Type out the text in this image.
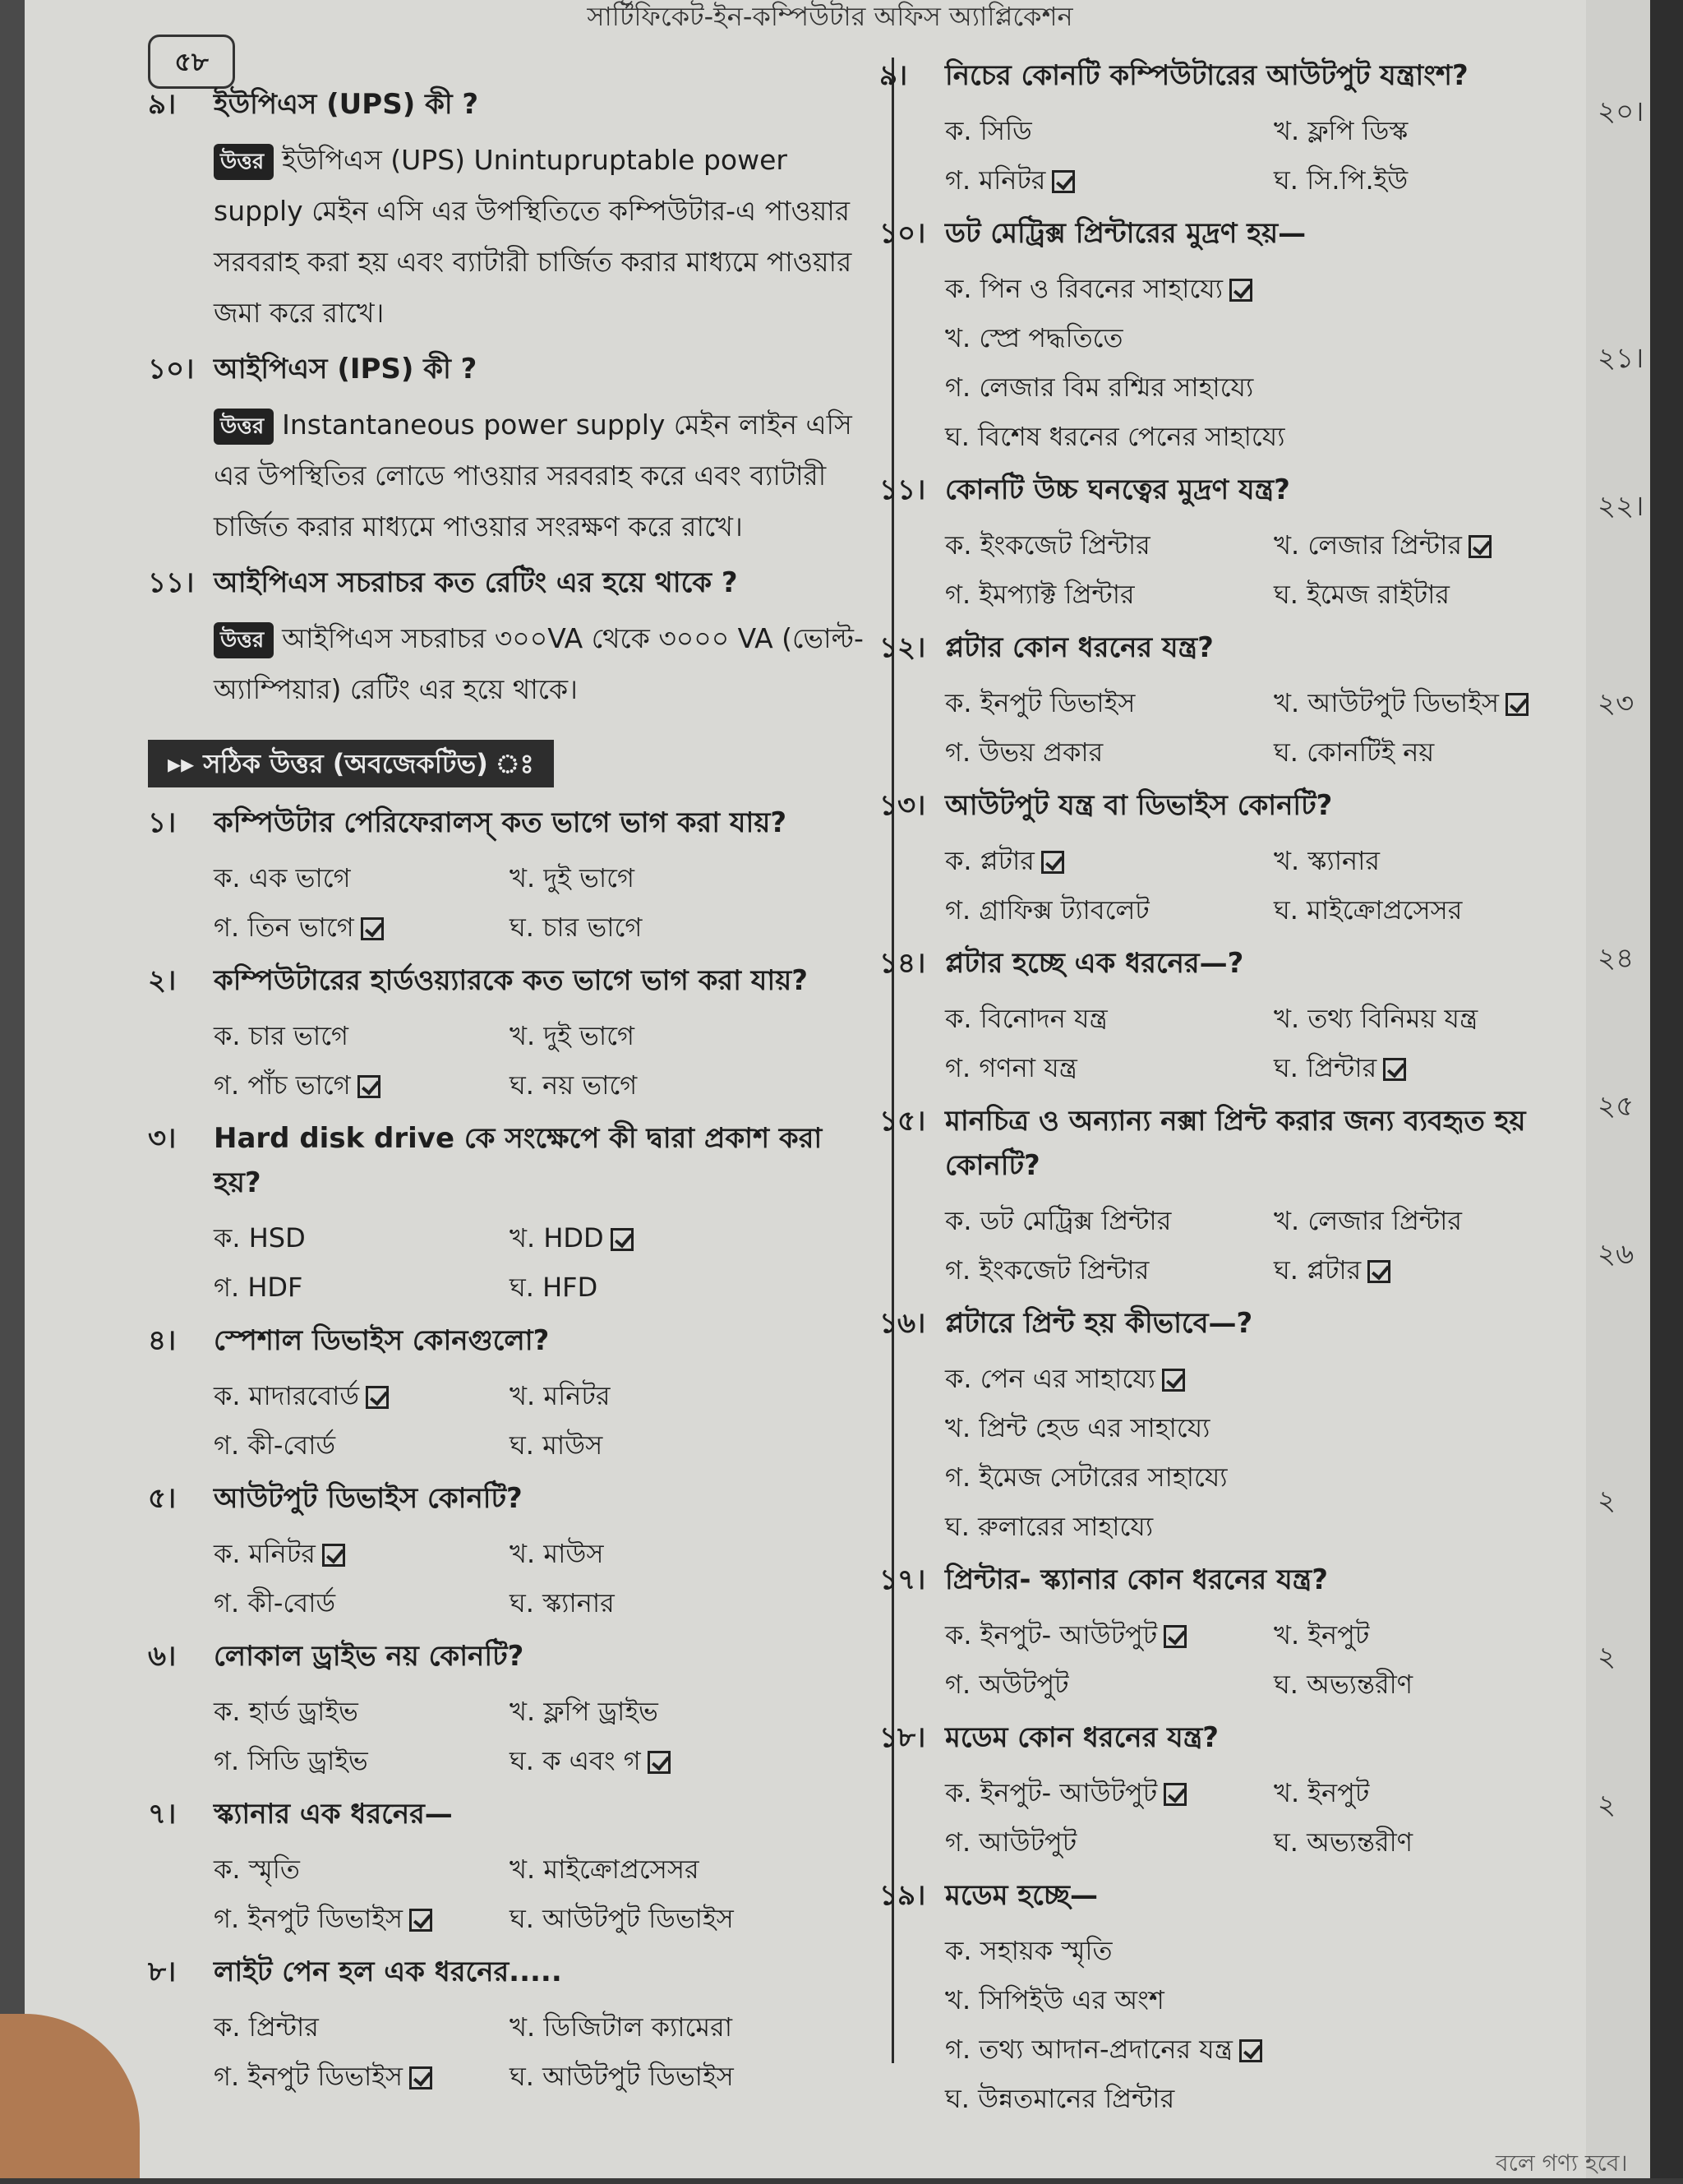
সার্টিফিকেট-ইন-কম্পিউটার অফিস অ্যাপ্লিকেশন
৫৮
৯।	ইউপিএস (UPS) কী ?
উত্তর ইউপিএস (UPS) Unintupruptable power supply মেইন এসি এর উপস্থিতিতে কম্পিউটার-এ পাওয়ার সরবরাহ করা হয় এবং ব্যাটারী চার্জিত করার মাধ্যমে পাওয়ার জমা করে রাখে।
১০। আইপিএস (IPS) কী ?
উত্তর Instantaneous power supply মেইন লাইন এসি এর উপস্থিতির লোডে পাওয়ার সরবরাহ করে এবং ব্যাটারী চার্জিত করার মাধ্যমে পাওয়ার সংরক্ষণ করে রাখে।
১১। আইপিএস সচরাচর কত রেটিং এর হয়ে থাকে ?
উত্তর আইপিএস সচরাচর ৩০০VA থেকে ৩০০০ VA (ভোল্ট-অ্যাম্পিয়ার) রেটিং এর হয়ে থাকে।
▸▸ সঠিক উত্তর (অবজেকটিভ) ঃ
১।	কম্পিউটার পেরিফেরালস্ কত ভাগে ভাগ করা যায়?
ক. এক ভাগে	খ. দুই ভাগে
গ. তিন ভাগে	ঘ. চার ভাগে
২।	কম্পিউটারের হার্ডওয়্যারকে কত ভাগে ভাগ করা যায়?
ক. চার ভাগে	খ. দুই ভাগে
গ. পাঁচ ভাগে	ঘ. নয় ভাগে
৩।	Hard disk drive কে সংক্ষেপে কী দ্বারা প্রকাশ করা হয়?
ক. HSD	খ. HDD
গ. HDF	ঘ. HFD
৪।	স্পেশাল ডিভাইস কোনগুলো?
ক. মাদারবোর্ড	খ. মনিটর
গ. কী-বোর্ড	ঘ. মাউস
৫।	আউটপুট ডিভাইস কোনটি?
ক. মনিটর	খ. মাউস
গ. কী-বোর্ড	ঘ. স্ক্যানার
৬।	লোকাল ড্রাইভ নয় কোনটি?
ক. হার্ড ড্রাইভ	খ. ফ্লপি ড্রাইভ
গ. সিডি ড্রাইভ	ঘ. ক এবং গ
৭।	স্ক্যানার এক ধরনের—
ক. স্মৃতি	খ. মাইক্রোপ্রসেসর
গ. ইনপুট ডিভাইস	ঘ. আউটপুট ডিভাইস
৮।	লাইট পেন হল এক ধরনের.....
ক. প্রিন্টার	খ. ডিজিটাল ক্যামেরা
গ. ইনপুট ডিভাইস	ঘ. আউটপুট ডিভাইস
৯।	নিচের কোনটি কম্পিউটারের আউটপুট যন্ত্রাংশ?
ক. সিডি	খ. ফ্লপি ডিস্ক
গ. মনিটর	ঘ. সি.পি.ইউ
১০। ডট মেট্রিক্স প্রিন্টারের মুদ্রণ হয়—
ক. পিন ও রিবনের সাহায্যে
খ. স্প্রে পদ্ধতিতে
গ. লেজার বিম রশ্মির সাহায্যে
ঘ. বিশেষ ধরনের পেনের সাহায্যে
১১। কোনটি উচ্চ ঘনত্বের মুদ্রণ যন্ত্র?
ক. ইংকজেট প্রিন্টার	খ. লেজার প্রিন্টার
গ. ইমপ্যাক্ট প্রিন্টার	ঘ. ইমেজ রাইটার
১২। প্লটার কোন ধরনের যন্ত্র?
ক. ইনপুট ডিভাইস	খ. আউটপুট ডিভাইস
গ. উভয় প্রকার	ঘ. কোনটিই নয়
১৩। আউটপুট যন্ত্র বা ডিভাইস কোনটি?
ক. প্লটার	খ. স্ক্যানার
গ. গ্রাফিক্স ট্যাবলেট	ঘ. মাইক্রোপ্রসেসর
১৪। প্লটার হচ্ছে এক ধরনের—?
ক. বিনোদন যন্ত্র	খ. তথ্য বিনিময় যন্ত্র
গ. গণনা যন্ত্র	ঘ. প্রিন্টার
১৫। মানচিত্র ও অন্যান্য নক্সা প্রিন্ট করার জন্য ব্যবহৃত হয় কোনটি?
ক. ডট মেট্রিক্স প্রিন্টার	খ. লেজার প্রিন্টার
গ. ইংকজেট প্রিন্টার	ঘ. প্লটার
১৬। প্লটারে প্রিন্ট হয় কীভাবে—?
ক. পেন এর সাহায্যে
খ. প্রিন্ট হেড এর সাহায্যে
গ. ইমেজ সেটারের সাহায্যে
ঘ. রুলারের সাহায্যে
১৭। প্রিন্টার- স্ক্যানার কোন ধরনের যন্ত্র?
ক. ইনপুট- আউটপুট	খ. ইনপুট
গ. অউটপুট	ঘ. অভ্যন্তরীণ
১৮। মডেম কোন ধরনের যন্ত্র?
ক. ইনপুট- আউটপুট	খ. ইনপুট
গ. আউটপুট	ঘ. অভ্যন্তরীণ
১৯। মডেম হচ্ছে—
ক. সহায়ক স্মৃতি
খ. সিপিইউ এর অংশ
গ. তথ্য আদান-প্রদানের যন্ত্র
ঘ. উন্নতমানের প্রিন্টার
২০।
২১।
২২।
২৩
২৪
২৫
২৬
২
২
২
বলে গণ্য হবে।
